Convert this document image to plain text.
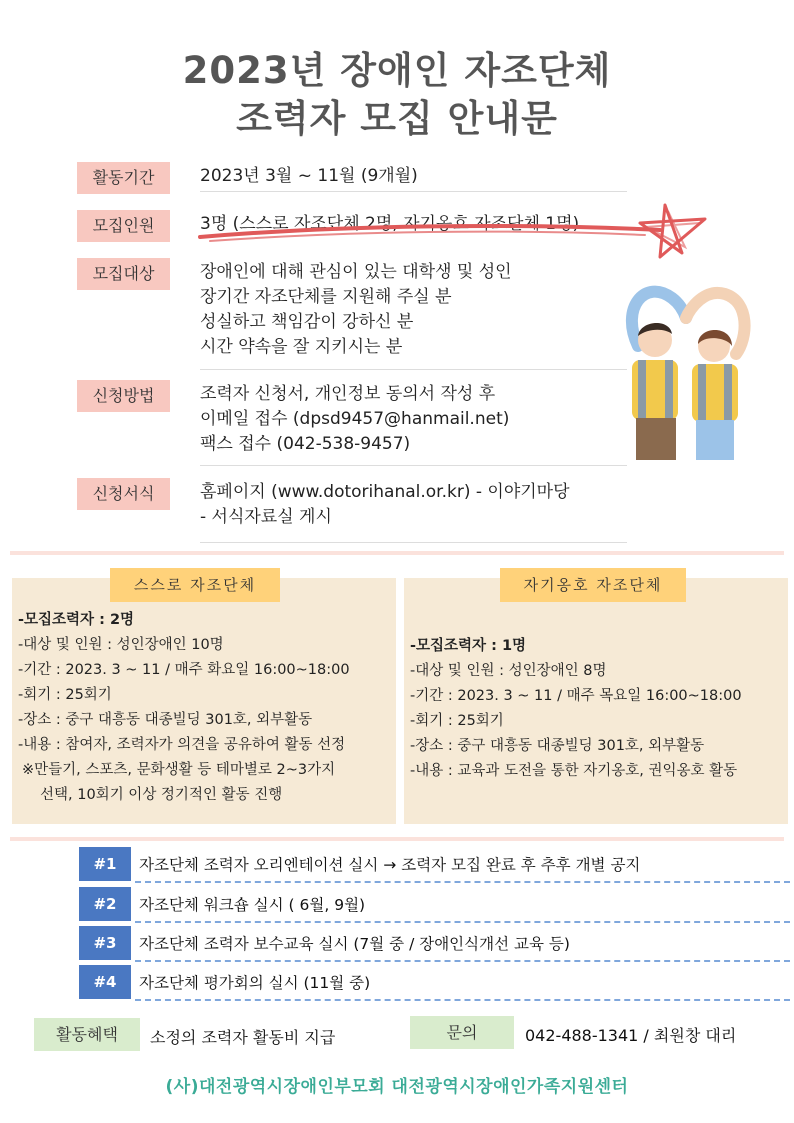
2023년 장애인 자조단체
조력자 모집 안내문
활동기간	2023년 3월 ~ 11월 (9개월)
모집인원	3명 (스스로 자조단체 2명, 자기옹호 자조단체 1명)
모집대상	장애인에 대해 관심이 있는 대학생 및 성인
장기간 자조단체를 지원해 주실 분
성실하고 책임감이 강하신 분
시간 약속을 잘 지키시는 분
신청방법	조력자 신청서, 개인정보 동의서 작성 후
이메일 접수 (dpsd9457@hanmail.net)
팩스 접수 (042-538-9457)
신청서식	홈페이지 (www.dotorihanal.or.kr) - 이야기마당
- 서식자료실 게시
스스로 자조단체
-모집조력자 : 2명
-대상 및 인원 : 성인장애인 10명
-기간 : 2023. 3 ~ 11 / 매주 화요일 16:00~18:00
-회기 : 25회기
-장소 : 중구 대흥동 대종빌딩 301호, 외부활동
-내용 : 참여자, 조력자가 의견을 공유하여 활동 선정
※만들기, 스포츠, 문화생활 등 테마별로 2~3가지
선택, 10회기 이상 정기적인 활동 진행
자기옹호 자조단체
-모집조력자 : 1명
-대상 및 인원 : 성인장애인 8명
-기간 : 2023. 3 ~ 11 / 매주 목요일 16:00~18:00
-회기 : 25회기
-장소 : 중구 대흥동 대종빌딩 301호, 외부활동
-내용 : 교육과 도전을 통한 자기옹호, 권익옹호 활동
#1	자조단체 조력자 오리엔테이션 실시 → 조력자 모집 완료 후 추후 개별 공지
#2	자조단체 워크숍 실시 ( 6월, 9월)
#3	자조단체 조력자 보수교육 실시 (7월 중 / 장애인식개선 교육 등)
#4	자조단체 평가회의 실시 (11월 중)
활동혜택	소정의 조력자 활동비 지급	문의	042-488-1341 / 최원창 대리
(사)대전광역시장애인부모회 대전광역시장애인가족지원센터
